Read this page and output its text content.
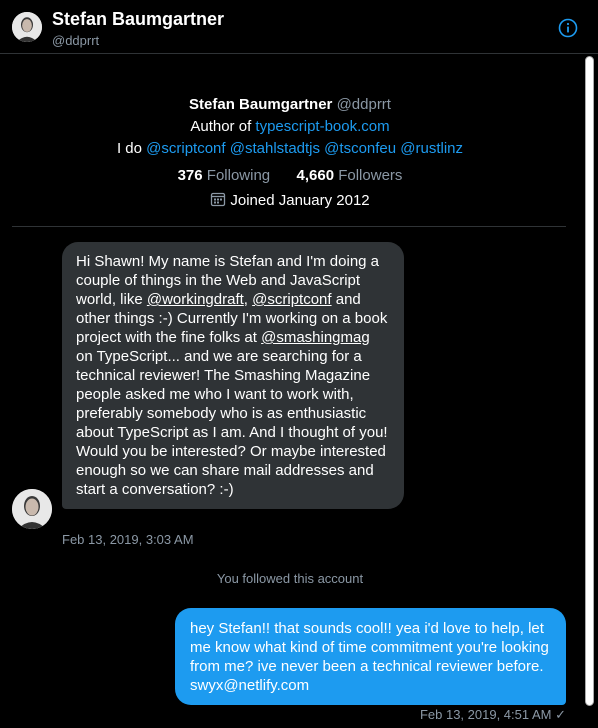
Stefan Baumgartner
@ddprrt
Stefan Baumgartner @ddprrt
Author of typescript-book.com
I do @scriptconf @stahlstadtjs @tsconfeu @rustlinz
376 Following 4,660 Followers
Joined January 2012
Hi Shawn! My name is Stefan and I'm doing a couple of things in the Web and JavaScript world, like @workingdraft, @scriptconf and other things :-) Currently I'm working on a book project with the fine folks at @smashingmag on TypeScript... and we are searching for a technical reviewer! The Smashing Magazine people asked me who I want to work with, preferably somebody who is as enthusiastic about TypeScript as I am. And I thought of you! Would you be interested? Or maybe interested enough so we can share mail addresses and start a conversation? :-)
Feb 13, 2019, 3:03 AM
You followed this account
hey Stefan!! that sounds cool!! yea i'd love to help, let me know what kind of time commitment you're looking from me? ive never been a technical reviewer before. swyx@netlify.com
Feb 13, 2019, 4:51 AM ✓
